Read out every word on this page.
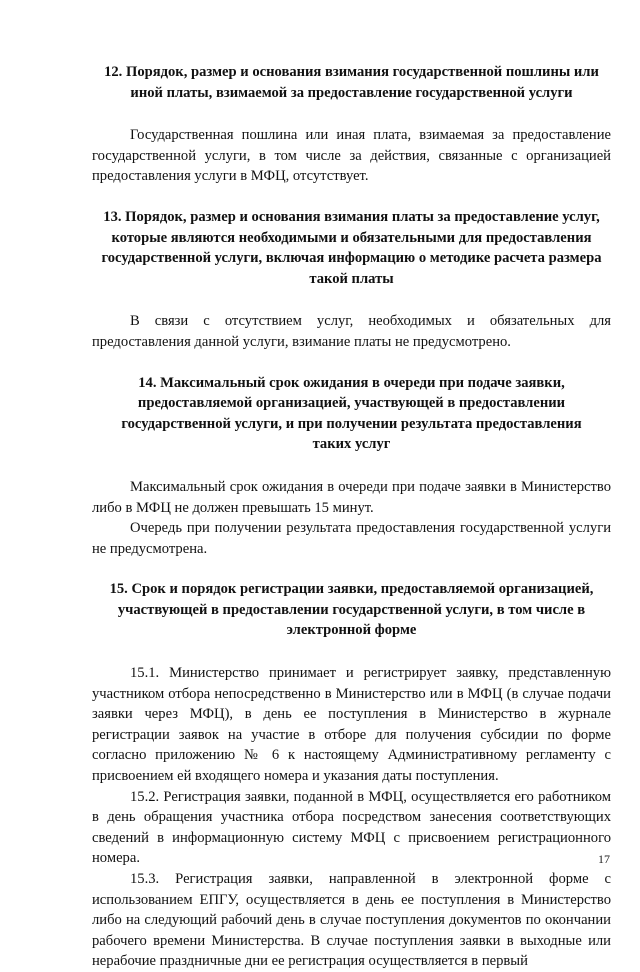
12. Порядок, размер и основания взимания государственной пошлины или иной платы, взимаемой за предоставление государственной услуги

Государственная пошлина или иная плата, взимаемая за предоставление государственной услуги, в том числе за действия, связанные с организацией предоставления услуги в МФЦ, отсутствует.

13. Порядок, размер и основания взимания платы за предоставление услуг, которые являются необходимыми и обязательными для предоставления государственной услуги, включая информацию о методике расчета размера такой платы

В связи с отсутствием услуг, необходимых и обязательных для предоставления данной услуги, взимание платы не предусмотрено.

14. Максимальный срок ожидания в очереди при подаче заявки, предоставляемой организацией, участвующей в предоставлении государственной услуги, и при получении результата предоставления таких услуг

Максимальный срок ожидания в очереди при подаче заявки в Министерство либо в МФЦ не должен превышать 15 минут.

Очередь при получении результата предоставления государственной услуги не предусмотрена.

15. Срок и порядок регистрации заявки, предоставляемой организацией, участвующей в предоставлении государственной услуги, в том числе в электронной форме

15.1. Министерство принимает и регистрирует заявку, представленную участником отбора непосредственно в Министерство или в МФЦ (в случае подачи заявки через МФЦ), в день ее поступления в Министерство в журнале регистрации заявок на участие в отборе для получения субсидии по форме согласно приложению № 6 к настоящему Административному регламенту с присвоением ей входящего номера и указания даты поступления.

15.2. Регистрация заявки, поданной в МФЦ, осуществляется его работником в день обращения участника отбора посредством занесения соответствующих сведений в информационную систему МФЦ с присвоением регистрационного номера.

15.3. Регистрация заявки, направленной в электронной форме с использованием ЕПГУ, осуществляется в день ее поступления в Министерство либо на следующий рабочий день в случае поступления документов по окончании рабочего времени Министерства. В случае поступления заявки в выходные или нерабочие праздничные дни ее регистрация осуществляется в первый

17
